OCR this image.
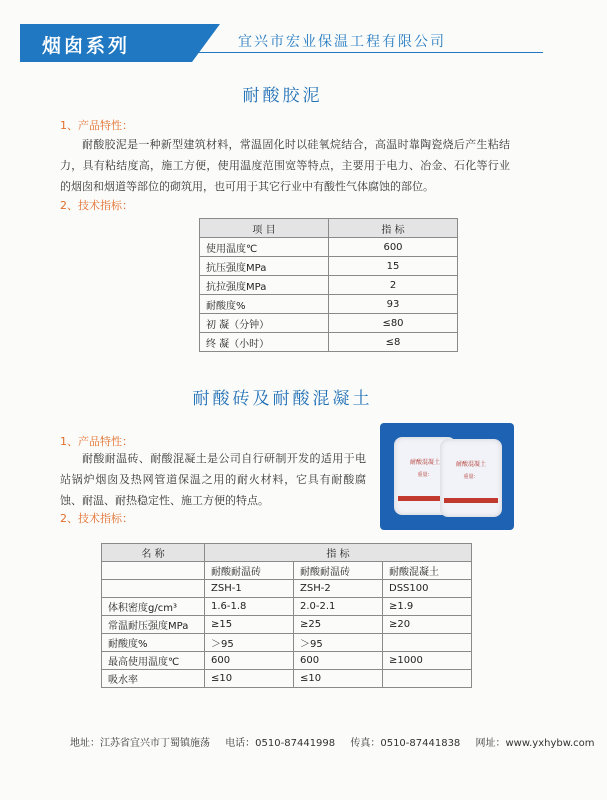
烟囱系列	宜兴市宏业保温工程有限公司
耐酸胶泥
1、产品特性：
耐酸胶泥是一种新型建筑材料，常温固化时以硅氧烷结合，高温时靠陶瓷烧后产生粘结力，具有粘结度高，施工方便，使用温度范围宽等特点，主要用于电力、冶金、石化等行业的烟囱和烟道等部位的砌筑用，也可用于其它行业中有酸性气体腐蚀的部位。
2、技术指标：
项 目	指 标
使用温度℃	600
抗压强度MPa	15
抗拉强度MPa	2
耐酸度%	93
初 凝（分钟）	≤80
终 凝（小时）	≤8
耐酸砖及耐酸混凝土
1、产品特性：
耐酸耐温砖、耐酸混凝土是公司自行研制开发的适用于电站锅炉烟囱及热网管道保温之用的耐火材料，它具有耐酸腐蚀、耐温、耐热稳定性、施工方便的特点。
2、技术指标：
耐酸混凝土
重量：
耐酸混凝土
重量：
名 称	指 标		
	耐酸耐温砖	耐酸耐温砖	耐酸混凝土
	ZSH-1	ZSH-2	DSS100
体积密度g/cm³	1.6-1.8	2.0-2.1	≥1.9
常温耐压强度MPa	≥15	≥25	≥20
耐酸度%	＞95	＞95	
最高使用温度℃	600	600	≥1000
吸水率	≤10	≤10	
地址：江苏省宜兴市丁蜀镇施荡 电话：0510-87441998 传真：0510-87441838 网址：www.yxhybw.com
